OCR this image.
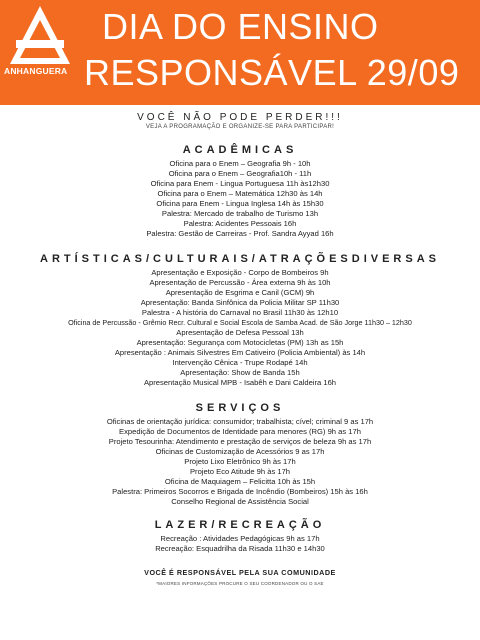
ANHANGUERA
DIA DO ENSINO
RESPONSÁVEL 29/09
VOCÊ NÃO PODE PERDER!!!
VEJA A PROGRAMAÇÃO E ORGANIZE-SE PARA PARTICIPAR!
ACADÊMICAS
Oficina para o Enem – Geografia 9h - 10h
Oficina para o Enem – Geografia10h - 11h
Oficina para Enem - Lingua Portuguesa 11h às12h30
Oficina para o Enem – Matemática 12h30 às 14h
Oficina para Enem - Lingua Inglesa 14h às 15h30
Palestra: Mercado de trabalho de Turismo 13h
Palestra: Acidentes Pessoais 16h
Palestra: Gestão de Carreiras - Prof. Sandra Ayyad 16h
ARTÍSTICAS/CULTURAIS/ATRAÇÕESDIVERSAS
Apresentação e Exposição - Corpo de Bombeiros 9h
Apresentação de Percussão - Área externa 9h às 10h
Apresentação de Esgrima e Canil (GCM) 9h
Apresentação: Banda Sinfônica da Policia Militar SP 11h30
Palestra - A história do Carnaval no Brasil 11h30 às 12h10
Oficina de Percussão - Grêmio Recr. Cultural e Social Escola de Samba Acad. de São Jorge 11h30 – 12h30
Apresentação de Defesa Pessoal 13h
Apresentação: Segurança com Motocicletas (PM) 13h as 15h
Apresentação : Animais Silvestres Em Cativeiro (Policia Ambiental) às 14h
Intervenção Cênica - Trupe Rodapé 14h
Apresentação: Show de Banda 15h
Apresentação Musical MPB - Isabêh e Dani Caldeira 16h
SERVIÇOS
Oficinas de orientação jurídica: consumidor; trabalhista; cível; criminal 9 as 17h
Expedição de Documentos de Identidade para menores (RG) 9h as 17h
Projeto Tesourinha: Atendimento e prestação de serviços de beleza 9h as 17h
Oficinas de Customização de Acessórios 9 as 17h
Projeto Lixo Eletrônico 9h às 17h
Projeto Eco Atitude 9h às 17h
Oficina de Maquiagem – Felicitta 10h às 15h
Palestra: Primeiros Socorros e Brigada de Incêndio (Bombeiros) 15h às 16h
Conselho Regional de Assistência Social
LAZER/RECREAÇÃO
Recreação : Atividades Pedagógicas 9h as 17h
Recreação: Esquadrilha da Risada 11h30 e 14h30
VOCÊ É RESPONSÁVEL PELA SUA COMUNIDADE
*MAIORES INFORMAÇÕES PROCURE O SEU COORDENADOR OU O SAE
